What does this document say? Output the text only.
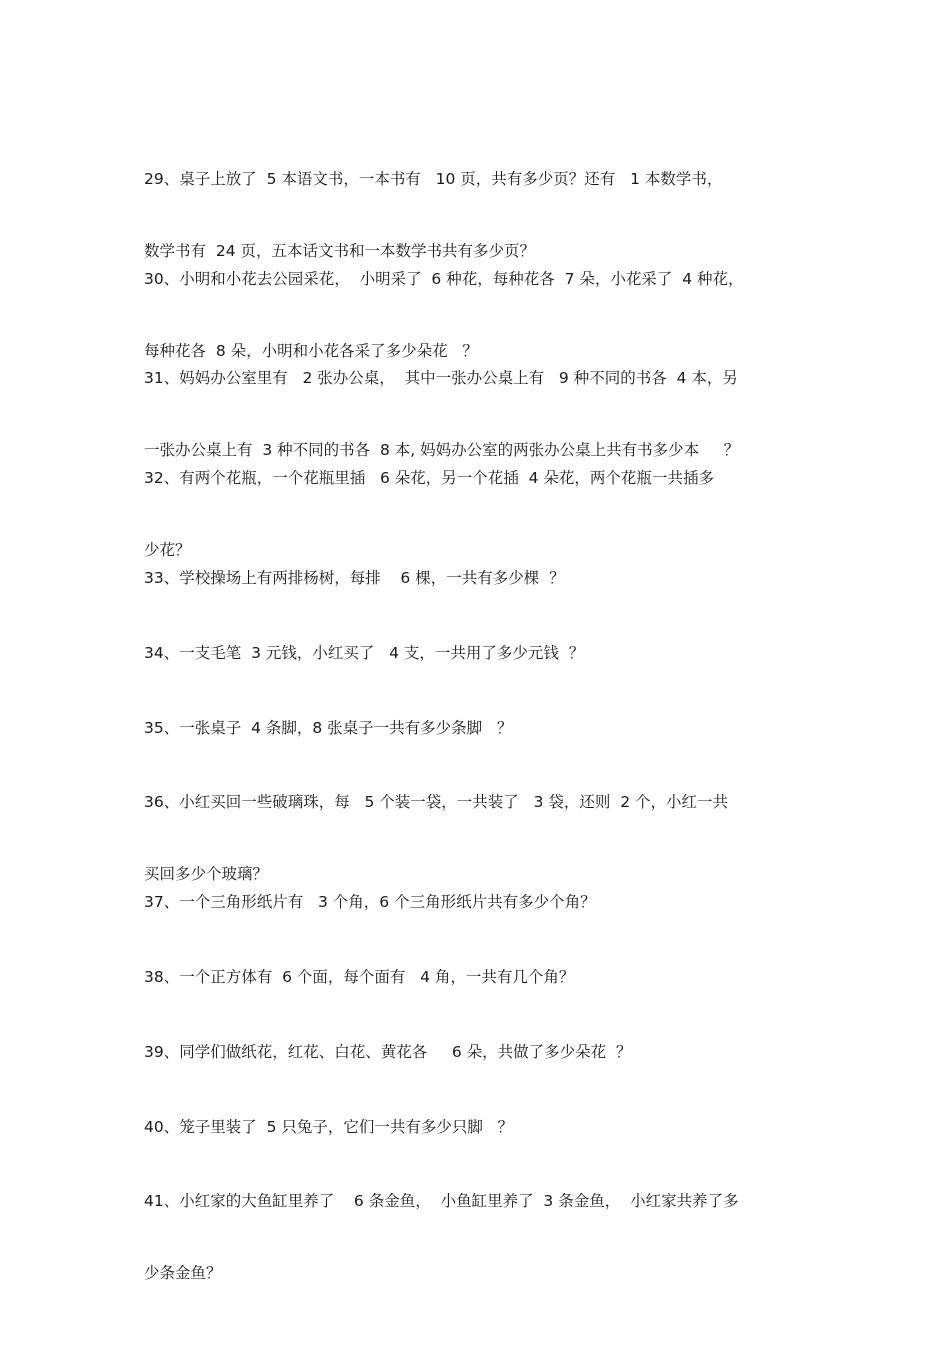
29、桌子上放了  5 本语文书，一本书有   10 页，共有多少页？还有   1 本数学书，

数学书有  24 页，五本话文书和一本数学书共有多少页？

30、小明和小花去公园采花，  小明采了  6 种花，每种花各  7 朵，小花采了  4 种花，

每种花各  8 朵，小明和小花各采了多少朵花   ？

31、妈妈办公室里有   2 张办公桌，  其中一张办公桌上有   9 种不同的书各  4 本，另

一张办公桌上有  3 种不同的书各  8 本, 妈妈办公室的两张办公桌上共有书多少本     ？

32、有两个花瓶，一个花瓶里插   6 朵花，另一个花插  4 朵花，两个花瓶一共插多

少花？

33、学校操场上有两排杨树，每排    6 棵，一共有多少棵  ？

34、一支毛笔  3 元钱，小红买了   4 支，一共用了多少元钱  ？

35、一张桌子  4 条脚，8 张桌子一共有多少条脚   ？

36、小红买回一些破璃珠，每   5 个装一袋，一共装了   3 袋，还则  2 个，小红一共

买回多少个玻璃？

37、一个三角形纸片有   3 个角，6 个三角形纸片共有多少个角？

38、一个正方体有  6 个面，每个面有   4 角，一共有几个角？

39、同学们做纸花，红花、白花、黄花各     6 朵，共做了多少朵花  ？

40、笼子里装了  5 只兔子，它们一共有多少只脚   ？

41、小红家的大鱼缸里养了    6 条金鱼，  小鱼缸里养了  3 条金鱼，  小红家共养了多

少条金鱼？
